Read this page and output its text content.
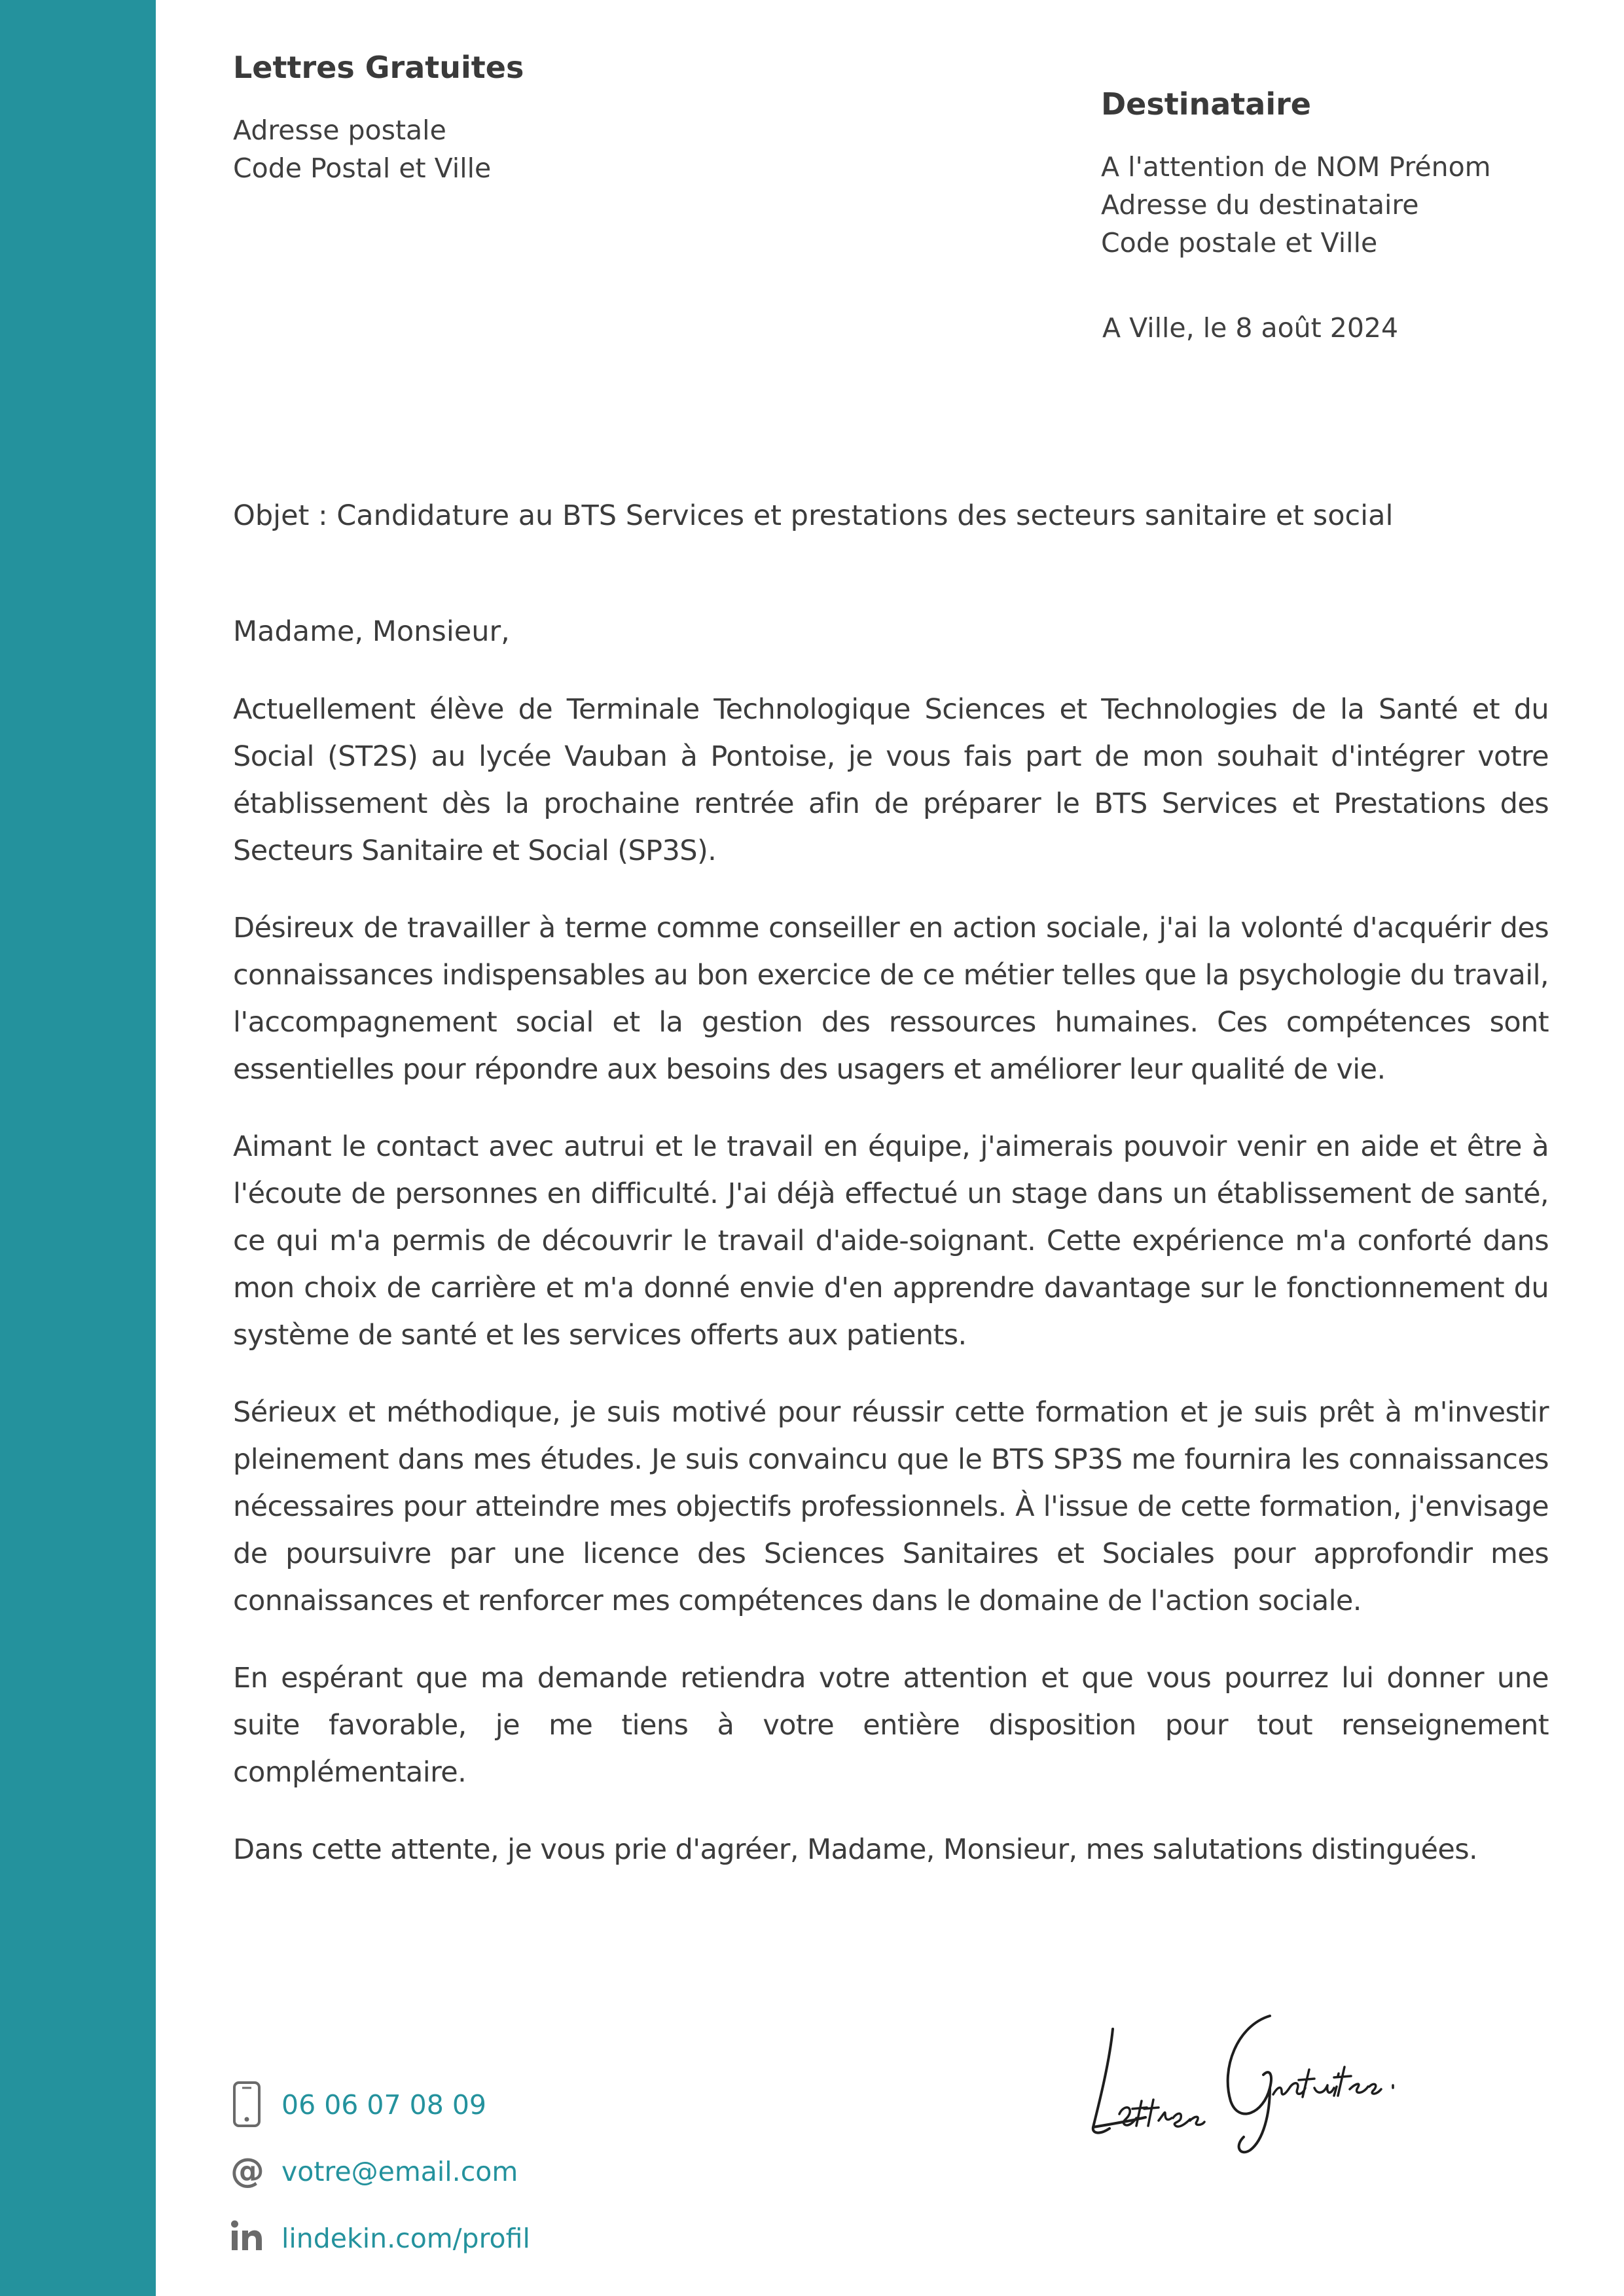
Lettres Gratuites

Adresse postale

Code Postal et Ville

Destinataire

A l'attention de NOM Prénom

Adresse du destinataire

Code postale et Ville

A Ville, le 8 août 2024
Objet : Candidature au BTS Services et prestations des secteurs sanitaire et social
Madame, Monsieur,

Actuellement élève de Terminale Technologique Sciences et Technologies de la Santé et du Social (ST2S) au lycée Vauban à Pontoise, je vous fais part de mon souhait d'intégrer votre établissement dès la prochaine rentrée afin de préparer le BTS Services et Prestations des Secteurs Sanitaire et Social (SP3S).

Désireux de travailler à terme comme conseiller en action sociale, j'ai la volonté d'acquérir des connaissances indispensables au bon exercice de ce métier telles que la psychologie du travail, l'accompagnement social et la gestion des ressources humaines. Ces compétences sont essentielles pour répondre aux besoins des usagers et améliorer leur qualité de vie.

Aimant le contact avec autrui et le travail en équipe, j'aimerais pouvoir venir en aide et être à l'écoute de personnes en difficulté. J'ai déjà effectué un stage dans un établissement de santé, ce qui m'a permis de découvrir le travail d'aide-soignant. Cette expérience m'a conforté dans mon choix de carrière et m'a donné envie d'en apprendre davantage sur le fonctionnement du système de santé et les services offerts aux patients.

Sérieux et méthodique, je suis motivé pour réussir cette formation et je suis prêt à m'investir pleinement dans mes études. Je suis convaincu que le BTS SP3S me fournira les connaissances nécessaires pour atteindre mes objectifs professionnels. À l'issue de cette formation, j'envisage de poursuivre par une licence des Sciences Sanitaires et Sociales pour approfondir mes connaissances et renforcer mes compétences dans le domaine de l'action sociale.

En espérant que ma demande retiendra votre attention et que vous pourrez lui donner une suite favorable, je me tiens à votre entière disposition pour tout renseignement complémentaire.

Dans cette attente, je vous prie d'agréer, Madame, Monsieur, mes salutations distinguées.

06 06 07 08 09
@ votre@email.com
lindekin.com/profil
